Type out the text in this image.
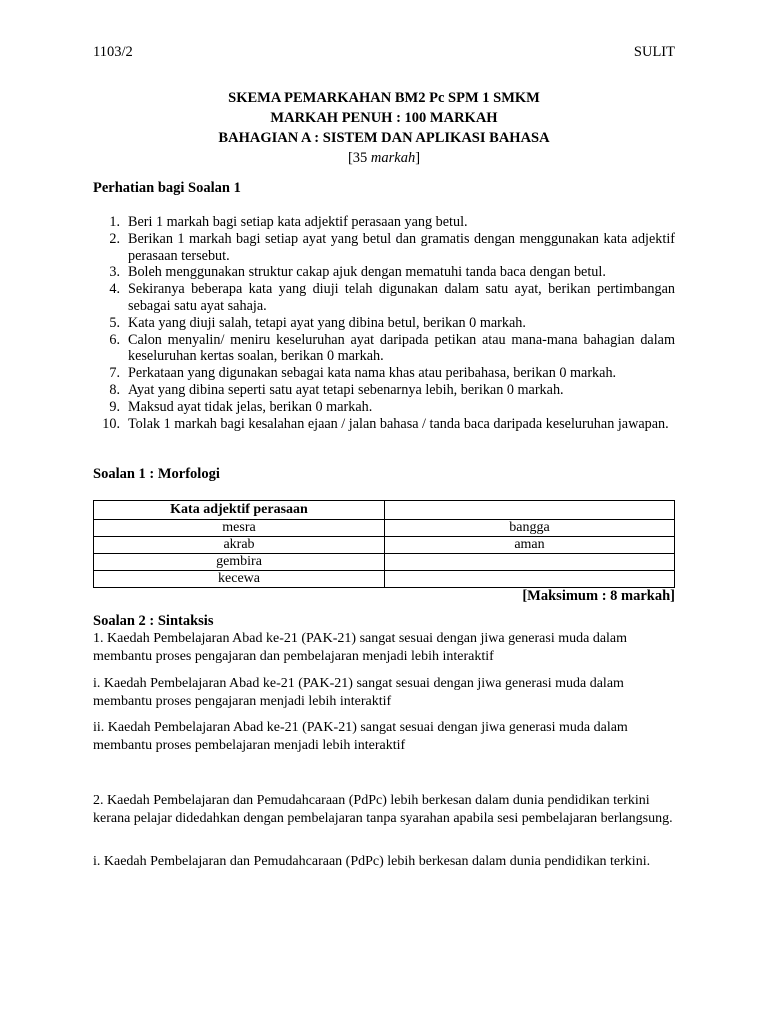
1103/2	SULIT
SKEMA PEMARKAHAN BM2 Pc SPM 1 SMKM
MARKAH PENUH : 100 MARKAH
BAHAGIAN A : SISTEM DAN APLIKASI BAHASA
[35 markah]
Perhatian bagi Soalan 1
1. Beri 1 markah bagi setiap kata adjektif perasaan yang betul.
2. Berikan 1 markah bagi setiap ayat yang betul dan gramatis dengan menggunakan kata adjektif perasaan tersebut.
3. Boleh menggunakan struktur cakap ajuk dengan mematuhi tanda baca dengan betul.
4. Sekiranya beberapa kata yang diuji telah digunakan dalam satu ayat, berikan pertimbangan sebagai satu ayat sahaja.
5. Kata yang diuji salah, tetapi ayat yang dibina betul, berikan 0 markah.
6. Calon menyalin/ meniru keseluruhan ayat daripada petikan atau mana-mana bahagian dalam keseluruhan kertas soalan, berikan 0 markah.
7. Perkataan yang digunakan sebagai kata nama khas atau peribahasa, berikan 0 markah.
8. Ayat yang dibina seperti satu ayat tetapi sebenarnya lebih, berikan 0 markah.
9. Maksud ayat tidak jelas, berikan 0 markah.
10. Tolak 1 markah bagi kesalahan ejaan / jalan bahasa / tanda baca daripada keseluruhan jawapan.
Soalan 1 : Morfologi
Kata adjektif perasaan	
mesra	bangga
akrab	aman
gembira	
kecewa	
[Maksimum : 8 markah]
Soalan 2 : Sintaksis
1. Kaedah Pembelajaran Abad ke-21 (PAK-21) sangat sesuai dengan jiwa generasi muda dalam membantu proses pengajaran dan pembelajaran menjadi lebih interaktif
i. Kaedah Pembelajaran Abad ke-21 (PAK-21) sangat sesuai dengan jiwa generasi muda dalam membantu proses pengajaran menjadi lebih interaktif
ii. Kaedah Pembelajaran Abad ke-21 (PAK-21) sangat sesuai dengan jiwa generasi muda dalam membantu proses pembelajaran menjadi lebih interaktif
2. Kaedah Pembelajaran dan Pemudahcaraan (PdPc) lebih berkesan dalam dunia pendidikan terkini kerana pelajar didedahkan dengan pembelajaran tanpa syarahan apabila sesi pembelajaran berlangsung.
i. Kaedah Pembelajaran dan Pemudahcaraan (PdPc) lebih berkesan dalam dunia pendidikan terkini.
